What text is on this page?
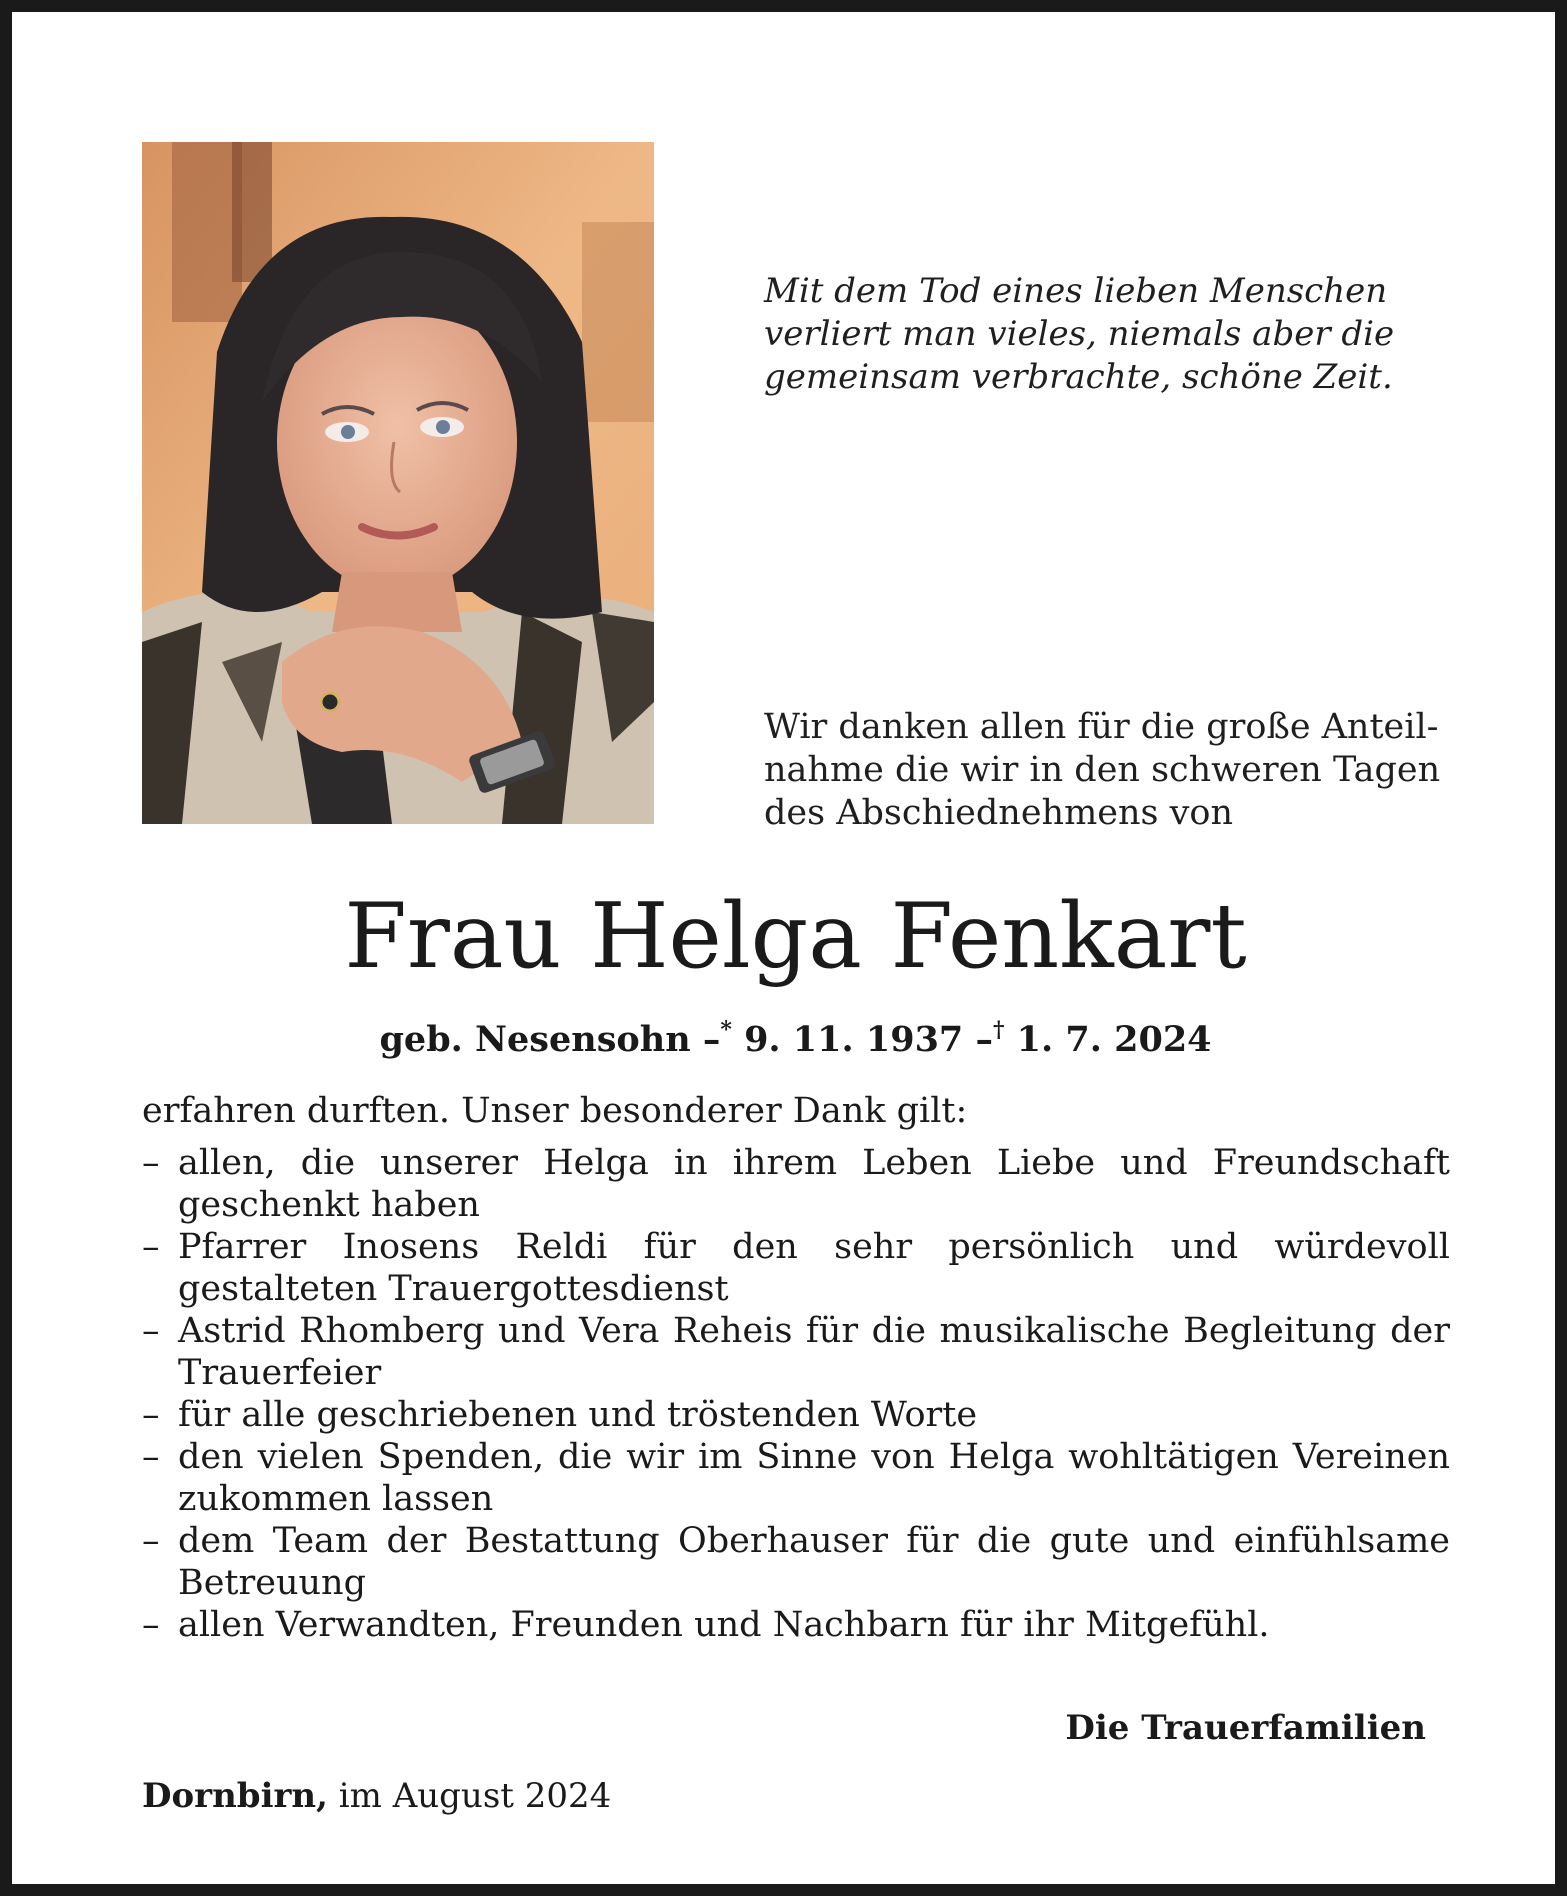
Mit dem Tod eines lieben Menschen
verliert man vieles, niemals aber die
gemeinsam verbrachte, schöne Zeit.
Wir danken allen für die große Anteil-
nahme die wir in den schweren Tagen
des Abschiednehmens von
Frau Helga Fenkart
geb. Nesensohn –* 9. 11. 1937 –† 1. 7. 2024
erfahren durften. Unser besonderer Dank gilt:
– allen, die unserer Helga in ihrem Leben Liebe und Freundschaft geschenkt haben
– Pfarrer Inosens Reldi für den sehr persönlich und würdevoll gestalteten Trauergottesdienst
– Astrid Rhomberg und Vera Reheis für die musikalische Begleitung der Trauerfeier
– für alle geschriebenen und tröstenden Worte
– den vielen Spenden, die wir im Sinne von Helga wohltätigen Vereinen zukommen lassen
– dem Team der Bestattung Oberhauser für die gute und einfühlsame Betreuung
– allen Verwandten, Freunden und Nachbarn für ihr Mitgefühl.
Die Trauerfamilien
Dornbirn, im August 2024
